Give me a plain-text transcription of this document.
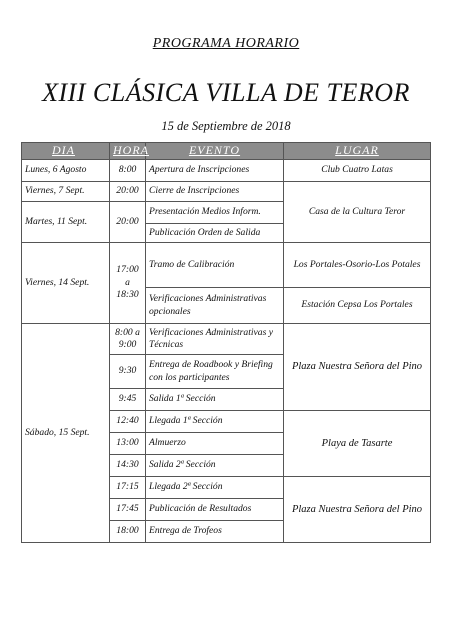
PROGRAMA HORARIO
XIII CLÁSICA VILLA DE TEROR
15 de Septiembre de 2018
DIA	HORA	EVENTO	LUGAR
Lunes, 6 Agosto	8:00	Apertura de Inscripciones	Club Cuatro Latas
Viernes, 7 Sept.	20:00	Cierre de Inscripciones	Casa de la Cultura Teror
Martes, 11 Sept.	20:00	Presentación Medios Inform.	
		Publicación Orden de Salida	
Viernes, 14 Sept.	17:00 a 18:30	Tramo de Calibración	Los Portales-Osorio-Los Potales
		Verificaciones Administrativas opcionales	Estación Cepsa Los Portales
Sábado, 15 Sept.	8:00 a 9:00	Verificaciones Administrativas y Técnicas	Plaza Nuestra Señora del Pino
	9:30	Entrega de Roadbook y Briefing con los participantes	
	9:45	Salida 1ª Sección	
	12:40	Llegada 1ª Sección	Playa de Tasarte
	13:00	Almuerzo	
	14:30	Salida 2ª Sección	
	17:15	Llegada 2ª Sección	Plaza Nuestra Señora del Pino
	17:45	Publicación de Resultados	
	18:00	Entrega de Trofeos	
